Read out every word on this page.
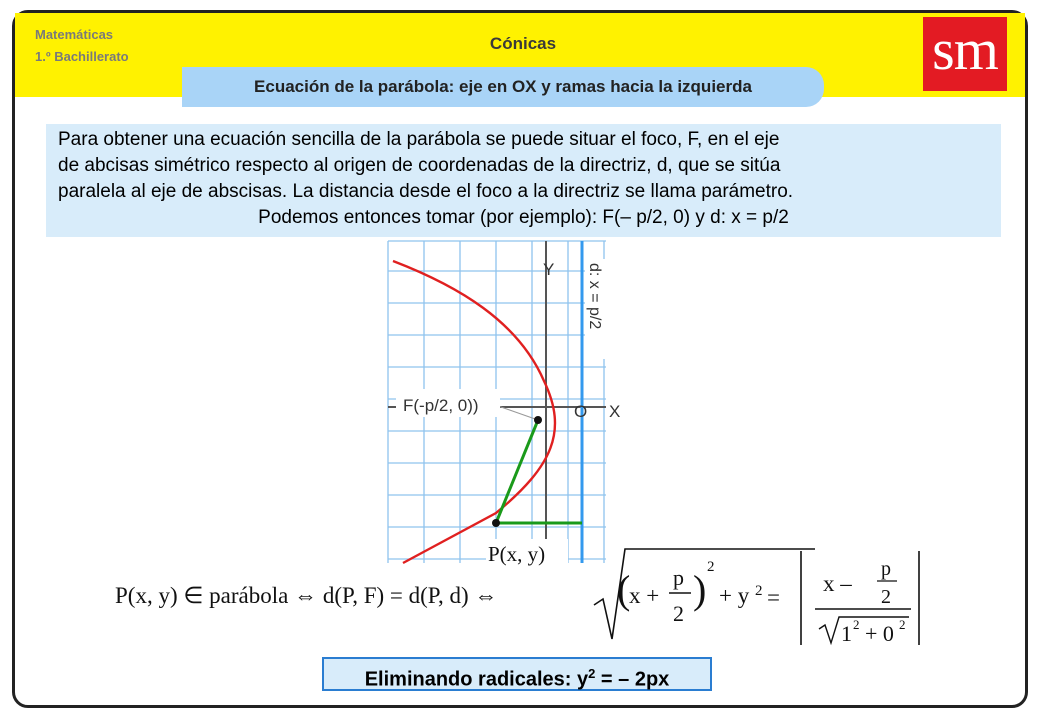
Matemáticas
1.º Bachillerato
Cónicas	sm
Ecuación de la parábola: eje en OX y ramas hacia la izquierda
Para obtener una ecuación sencilla de la parábola se puede situar el foco, F, en el eje
de abcisas simétrico respecto al origen de coordenadas de la directriz, d, que se sitúa
paralela al eje de abscisas. La distancia desde el foco a la directriz se llama parámetro.
Podemos entonces tomar (por ejemplo): F(– p/2, 0) y d: x = p/2
F(-p/2, 0))
Y
O X
d: x = p/2
P(x, y)
P(x, y) ∈ parábola ⇔ d(P, F) = d(P, d) ⇔	(
x +
p
2
) 2
+ y 2 =
x –
p
2
1 2 + 0 2
Eliminando radicales: $y^2$ = – 2px
